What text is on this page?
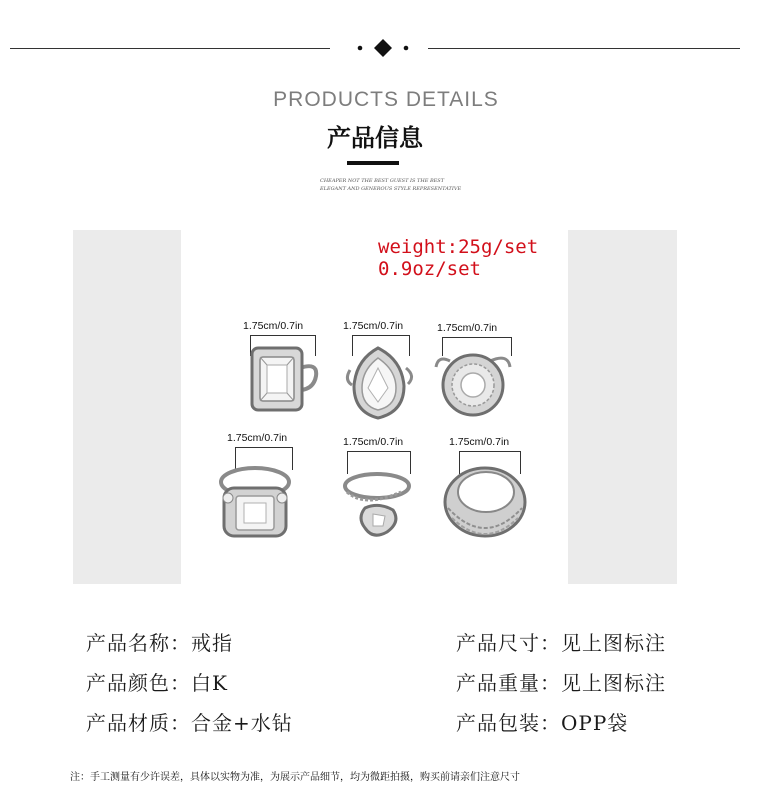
PRODUCTS DETAILS
产品信息
CHEAPER NOT THE BEST GUEST IS THE BEST
ELEGANT AND GENEROUS STYLE REPRESENTATIVE
weight:25g/set
0.9oz/set
1.75cm/0.7in	1.75cm/0.7in	1.75cm/0.7in
1.75cm/0.7in	1.75cm/0.7in	1.75cm/0.7in
产品名称：戒指
产品颜色：白K
产品材质：合金+水钻
产品尺寸：见上图标注
产品重量：见上图标注
产品包装：OPP袋
注：手工测量有少许误差，具体以实物为准，为展示产品细节，均为微距拍摄，购买前请亲们注意尺寸
